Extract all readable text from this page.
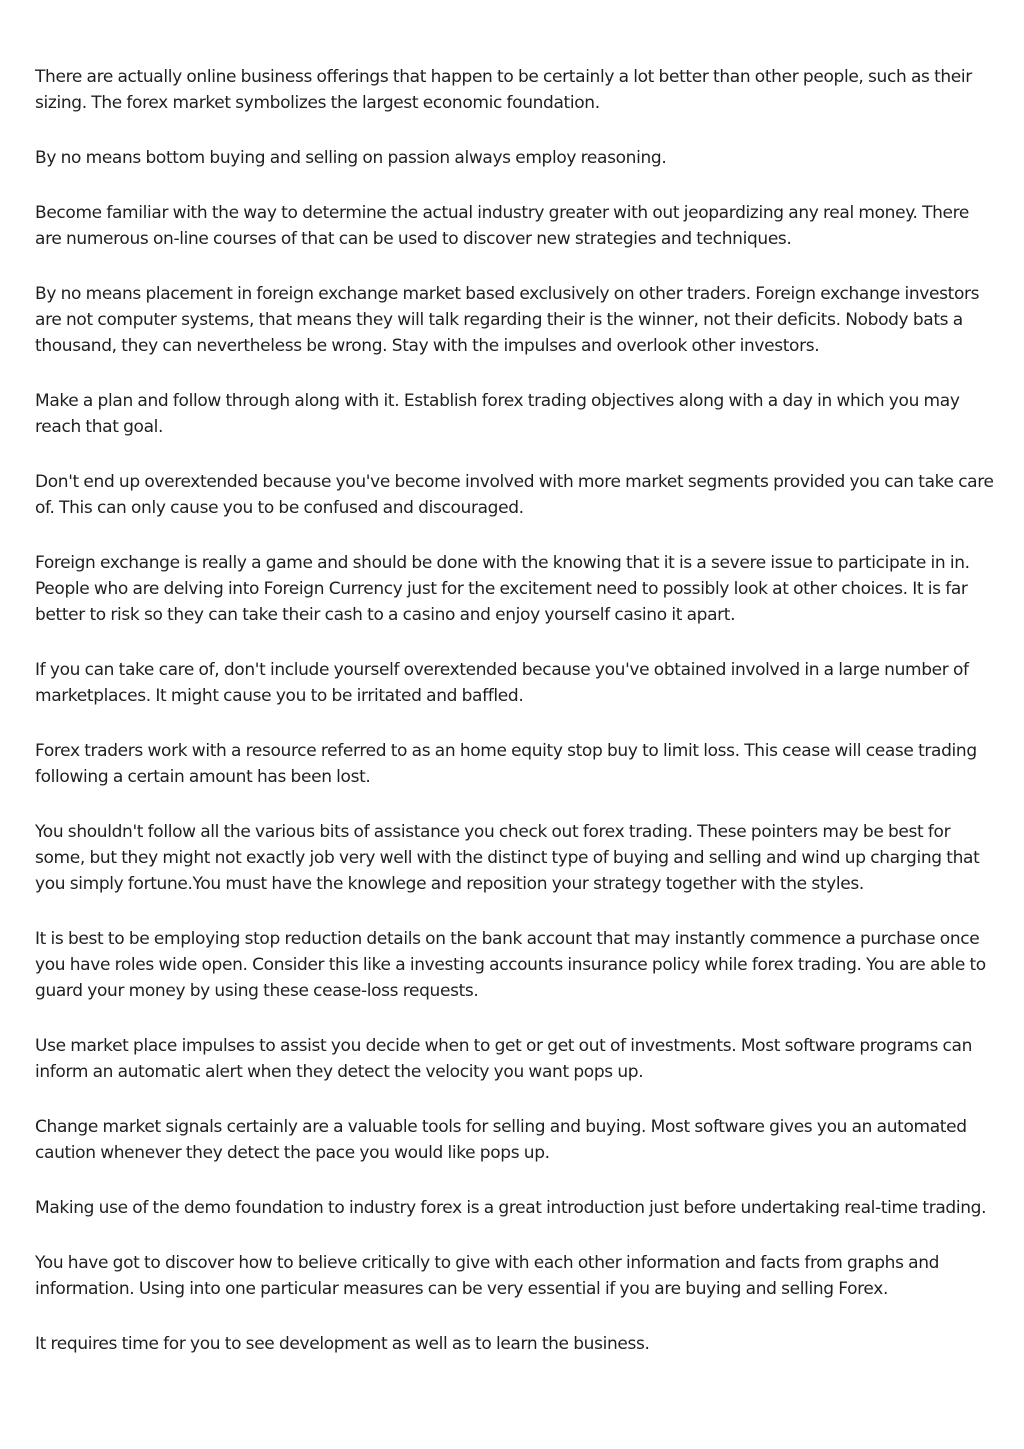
There are actually online business offerings that happen to be certainly a lot better than other people, such as their sizing. The forex market symbolizes the largest economic foundation.

By no means bottom buying and selling on passion always employ reasoning.

Become familiar with the way to determine the actual industry greater with out jeopardizing any real money. There are numerous on-line courses of that can be used to discover new strategies and techniques.

By no means placement in foreign exchange market based exclusively on other traders. Foreign exchange investors are not computer systems, that means they will talk regarding their is the winner, not their deficits. Nobody bats a thousand, they can nevertheless be wrong. Stay with the impulses and overlook other investors.

Make a plan and follow through along with it. Establish forex trading objectives along with a day in which you may reach that goal.

Don't end up overextended because you've become involved with more market segments provided you can take care of. This can only cause you to be confused and discouraged.

Foreign exchange is really a game and should be done with the knowing that it is a severe issue to participate in in. People who are delving into Foreign Currency just for the excitement need to possibly look at other choices. It is far better to risk so they can take their cash to a casino and enjoy yourself casino it apart.

If you can take care of, don't include yourself overextended because you've obtained involved in a large number of marketplaces. It might cause you to be irritated and baffled.

Forex traders work with a resource referred to as an home equity stop buy to limit loss. This cease will cease trading following a certain amount has been lost.

You shouldn't follow all the various bits of assistance you check out forex trading. These pointers may be best for some, but they might not exactly job very well with the distinct type of buying and selling and wind up charging that you simply fortune.You must have the knowlege and reposition your strategy together with the styles.

It is best to be employing stop reduction details on the bank account that may instantly commence a purchase once you have roles wide open. Consider this like a investing accounts insurance policy while forex trading. You are able to guard your money by using these cease-loss requests.

Use market place impulses to assist you decide when to get or get out of investments. Most software programs can inform an automatic alert when they detect the velocity you want pops up.

Change market signals certainly are a valuable tools for selling and buying. Most software gives you an automated caution whenever they detect the pace you would like pops up.

Making use of the demo foundation to industry forex is a great introduction just before undertaking real-time trading.

You have got to discover how to believe critically to give with each other information and facts from graphs and information. Using into one particular measures can be very essential if you are buying and selling Forex.

It requires time for you to see development as well as to learn the business.
